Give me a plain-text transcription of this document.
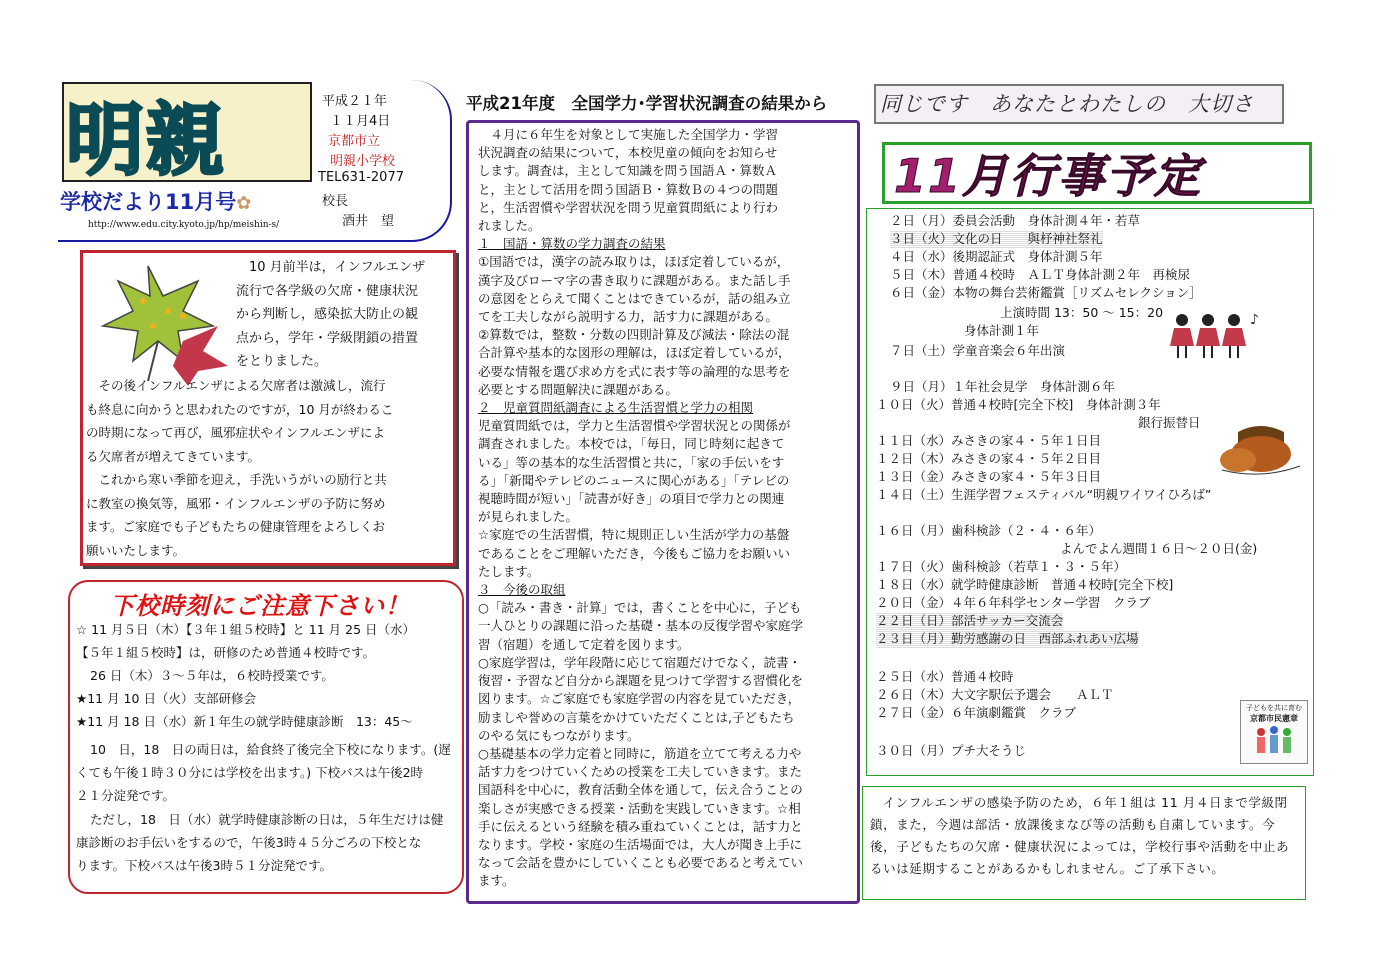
明親
学校だより11月号✿
http://www.edu.city.kyoto.jp/hp/meishin-s/
平成２１年
１１月4日
京都市立
明親小学校
TEL631-2077
校長
酒井　望

10 月前半は，インフルエンザ

流行で各学級の欠席・健康状況

から判断し，感染拡大防止の観

点から，学年・学級閉鎖の措置

をとりました。

その後インフルエンザによる欠席者は激減し，流行

も終息に向かうと思われたのですが，10 月が終わるこ

の時期になって再び，風邪症状やインフルエンザによ

る欠席者が増えてきています。

これから寒い季節を迎え，手洗いうがいの励行と共

に教室の換気等，風邪・インフルエンザの予防に努め

ます。ご家庭でも子どもたちの健康管理をよろしくお

願いいたします。

下校時刻にご注意下さい！
☆ 11 月５日（木）【３年１組５校時】と 11 月 25 日（水）
【５年１組５校時】は，研修のため普通４校時です。
26 日（木）３～５年は，６校時授業です。
★11 月 10 日（火）支部研修会
★11 月 18 日（水）新１年生の就学時健康診断　13：45～
10　日，18　日の両日は，給食終了後完全下校になります。(遅
くても午後１時３０分には学校を出ます。) 下校バスは午後2時
２１分淀発です。
ただし，18　日（水）就学時健康診断の日は，５年生だけは健
康診断のお手伝いをするので，午後3時４５分ごろの下校とな
ります。下校バスは午後3時５１分淀発です。
平成21年度　全国学力･学習状況調査の結果から

４月に６年生を対象として実施した全国学力・学習

状況調査の結果について，本校児童の傾向をお知らせ

します。調査は，主として知識を問う国語Ａ・算数Ａ

と，主として活用を問う国語Ｂ・算数Ｂの４つの問題

と，生活習慣や学習状況を問う児童質問紙により行わ

れました。

１　国語・算数の学力調査の結果

①国語では，漢字の読み取りは，ほぼ定着しているが，

漢字及びローマ字の書き取りに課題がある。また話し手

の意図をとらえて聞くことはできているが，話の組み立

てを工夫しながら説明する力，話す力に課題がある。

②算数では，整数・分数の四則計算及び減法・除法の混

合計算や基本的な図形の理解は，ほぼ定着しているが，

必要な情報を選び求め方を式に表す等の論理的な思考を

必要とする問題解決に課題がある。

２　児童質問紙調査による生活習慣と学力の相関

児童質問紙では，学力と生活習慣や学習状況との関係が

調査されました。本校では，「毎日，同じ時刻に起きて

いる」等の基本的な生活習慣と共に，「家の手伝いをす

る」「新聞やテレビのニュースに関心がある」「テレビの

視聴時間が短い」「読書が好き」の項目で学力との関連

が見られました。

☆家庭での生活習慣，特に規則正しい生活が学力の基盤

であることをご理解いただき，今後もご協力をお願いい

たします。

３　今後の取組

○「読み・書き・計算」では，書くことを中心に，子ども

一人ひとりの課題に沿った基礎・基本の反復学習や家庭学

習（宿題）を通して定着を図ります。

○家庭学習は，学年段階に応じて宿題だけでなく，読書・

復習・予習など自分から課題を見つけて学習する習慣化を

図ります。☆ご家庭でも家庭学習の内容を見ていただき，

励ましや誉めの言葉をかけていただくことは,子どもたち

のやる気にもつながります。

○基礎基本の学力定着と同時に，筋道を立てて考える力や

話す力をつけていくための授業を工夫していきます。また

国語科を中心に，教育活動全体を通して，伝え合うことの

楽しさが実感できる授業・活動を実践していきます。☆相

手に伝えるという経験を積み重ねていくことは，話す力と

なります。学校・家庭の生活場面では，大人が聞き上手に

なって会話を豊かにしていくことも必要であると考えてい

ます。

同じです　あなたとわたしの　大切さ
11月行事予定
２日（月）委員会活動　身体計測４年・若草
３日（火）文化の日　　與杼神社祭礼
４日（水）後期認証式　身体計測５年
５日（木）普通４校時　ＡＬＴ身体計測２年　再検尿
６日（金）本物の舞台芸術鑑賞［リズムセレクション］
上演時間 13：50 ～ 15：20
身体計測１年
７日（土）学童音楽会６年出演
９日（月）１年社会見学　身体計測６年
１０日（火）普通４校時[完全下校]　身体計測３年
銀行振替日
１１日（水）みさきの家４・５年１日目
１２日（木）みさきの家４・５年２日目
１３日（金）みさきの家４・５年３日目
１４日（土）生涯学習フェスティバル“明親ワイワイひろば”
１６日（月）歯科検診（２・４・６年）
よんでよん週間１６日～２０日(金)
１７日（火）歯科検診（若草１・３・５年）
１８日（水）就学時健康診断　普通４校時[完全下校]
２０日（金）４年６年科学センター学習　クラブ
２２日（日）部活サッカー交流会
２３日（月）勤労感謝の日　西部ふれあい広場
２５日（水）普通４校時
２６日（木）大文字駅伝予選会　　ＡＬＴ
２７日（金）６年演劇鑑賞　クラブ
３０日（月）プチ大そうじ
♪
子どもを共に育む
京都市民憲章
インフルエンザの感染予防のため，６年１組は 11 月４日まで学級閉鎖，また，今週は部活・放課後まなび等の活動も自粛しています。今後，子どもたちの欠席・健康状況によっては，学校行事や活動を中止あるいは延期することがあるかもしれません。ご了承下さい。
